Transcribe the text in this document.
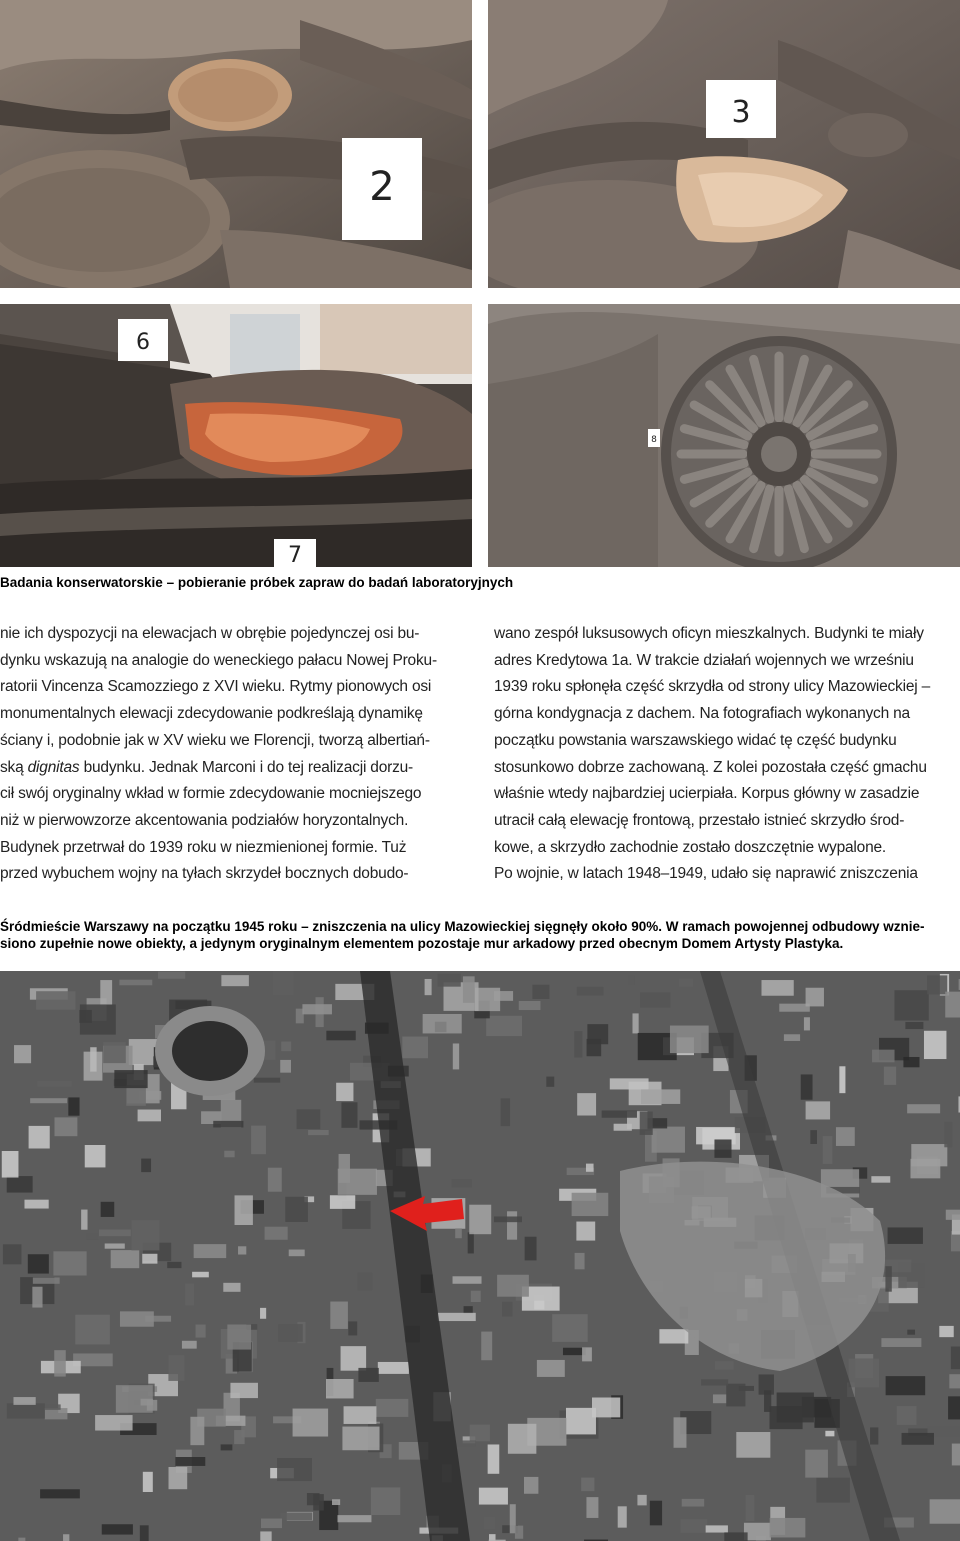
2
3
6
7
8
Badania konserwatorskie – pobieranie próbek zapraw do badań laboratoryjnych

nie ich dyspozycji na elewacjach w obrębie pojedynczej osi bu-

dynku wskazują na analogie do weneckiego pałacu Nowej Proku-

ratorii Vincenza Scamozziego z XVI wieku. Rytmy pionowych osi

monumentalnych elewacji zdecydowanie podkreślają dynamikę

ściany i, podobnie jak w XV wieku we Florencji, tworzą albertiań-

ską dignitas budynku. Jednak Marconi i do tej realizacji dorzu-

cił swój oryginalny wkład w formie zdecydowanie mocniejszego

niż w pierwowzorze akcentowania podziałów horyzontalnych.

Budynek przetrwał do 1939 roku w niezmienionej formie. Tuż

przed wybuchem wojny na tyłach skrzydeł bocznych dobudo-

wano zespół luksusowych oficyn mieszkalnych. Budynki te miały

adres Kredytowa 1a. W trakcie działań wojennych we wrześniu

1939 roku spłonęła część skrzydła od strony ulicy Mazowieckiej –

górna kondygnacja z dachem. Na fotografiach wykonanych na

początku powstania warszawskiego widać tę część budynku

stosunkowo dobrze zachowaną. Z kolei pozostała część gmachu

właśnie wtedy najbardziej ucierpiała. Korpus główny w zasadzie

utracił całą elewację frontową, przestało istnieć skrzydło środ-

kowe, a skrzydło zachodnie zostało doszczętnie wypalone.

Po wojnie, w latach 1948–1949, udało się naprawić zniszczenia

Śródmieście Warszawy na początku 1945 roku – zniszczenia na ulicy Mazowieckiej sięgnęły około 90%. W ramach powojennej odbudowy wznie-
siono zupełnie nowe obiekty, a jedynym oryginalnym elementem pozostaje mur arkadowy przed obecnym Domem Artysty Plastyka.
